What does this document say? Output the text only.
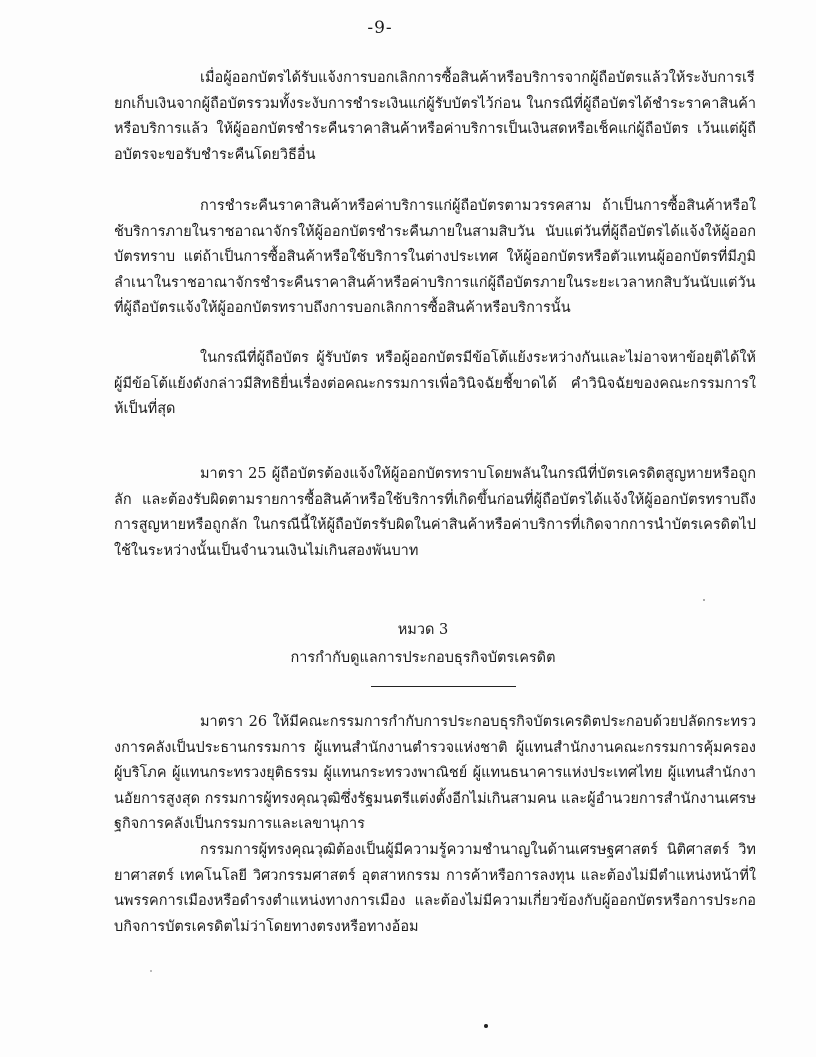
-9-

เมื่อผู้ออกบัตรได้รับแจ้งการบอกเลิกการซื้อสินค้าหรือบริการจากผู้ถือบัตรแล้วให้ระงับการเรียกเก็บเงินจากผู้ถือบัตรรวมทั้งระงับการชำระเงินแก่ผู้รับบัตรไว้ก่อน ในกรณีที่ผู้ถือบัตรได้ชำระราคาสินค้าหรือบริการแล้ว ให้ผู้ออกบัตรชำระคืนราคาสินค้าหรือค่าบริการเป็นเงินสดหรือเช็คแก่ผู้ถือบัตร เว้นแต่ผู้ถือบัตรจะขอรับชำระคืนโดยวิธีอื่น

การชำระคืนราคาสินค้าหรือค่าบริการแก่ผู้ถือบัตรตามวรรคสาม ถ้าเป็นการซื้อสินค้าหรือใช้บริการภายในราชอาณาจักรให้ผู้ออกบัตรชำระคืนภายในสามสิบวัน นับแต่วันที่ผู้ถือบัตรได้แจ้งให้ผู้ออกบัตรทราบ แต่ถ้าเป็นการซื้อสินค้าหรือใช้บริการในต่างประเทศ ให้ผู้ออกบัตรหรือตัวแทนผู้ออกบัตรที่มีภูมิลำเนาในราชอาณาจักรชำระคืนราคาสินค้าหรือค่าบริการแก่ผู้ถือบัตรภายในระยะเวลาหกสิบวันนับแต่วันที่ผู้ถือบัตรแจ้งให้ผู้ออกบัตรทราบถึงการบอกเลิกการซื้อสินค้าหรือบริการนั้น

ในกรณีที่ผู้ถือบัตร ผู้รับบัตร หรือผู้ออกบัตรมีข้อโต้แย้งระหว่างกันและไม่อาจหาข้อยุติได้ให้ผู้มีข้อโต้แย้งดังกล่าวมีสิทธิยื่นเรื่องต่อคณะกรรมการเพื่อวินิจฉัยชี้ขาดได้ คำวินิจฉัยของคณะกรรมการให้เป็นที่สุด

มาตรา 25 ผู้ถือบัตรต้องแจ้งให้ผู้ออกบัตรทราบโดยพลันในกรณีที่บัตรเครดิตสูญหายหรือถูกลัก และต้องรับผิดตามรายการซื้อสินค้าหรือใช้บริการที่เกิดขึ้นก่อนที่ผู้ถือบัตรได้แจ้งให้ผู้ออกบัตรทราบถึงการสูญหายหรือถูกลัก ในกรณีนี้ให้ผู้ถือบัตรรับผิดในค่าสินค้าหรือค่าบริการที่เกิดจากการนำบัตรเครดิตไปใช้ในระหว่างนั้นเป็นจำนวนเงินไม่เกินสองพันบาท

หมวด 3
การกำกับดูแลการประกอบธุรกิจบัตรเครดิต

มาตรา 26 ให้มีคณะกรรมการกำกับการประกอบธุรกิจบัตรเครดิตประกอบด้วยปลัดกระทรวงการคลังเป็นประธานกรรมการ ผู้แทนสำนักงานตำรวจแห่งชาติ ผู้แทนสำนักงานคณะกรรมการคุ้มครองผู้บริโภค ผู้แทนกระทรวงยุติธรรม ผู้แทนกระทรวงพาณิชย์ ผู้แทนธนาคารแห่งประเทศไทย ผู้แทนสำนักงานอัยการสูงสุด กรรมการผู้ทรงคุณวุฒิซึ่งรัฐมนตรีแต่งตั้งอีกไม่เกินสามคน และผู้อำนวยการสำนักงานเศรษฐกิจการคลังเป็นกรรมการและเลขานุการ

กรรมการผู้ทรงคุณวุฒิต้องเป็นผู้มีความรู้ความชำนาญในด้านเศรษฐศาสตร์ นิติศาสตร์ วิทยาศาสตร์ เทคโนโลยี วิศวกรรมศาสตร์ อุตสาหกรรม การค้าหรือการลงทุน และต้องไม่มีตำแหน่งหน้าที่ในพรรคการเมืองหรือดำรงตำแหน่งทางการเมือง และต้องไม่มีความเกี่ยวข้องกับผู้ออกบัตรหรือการประกอบกิจการบัตรเครดิตไม่ว่าโดยทางตรงหรือทางอ้อม
